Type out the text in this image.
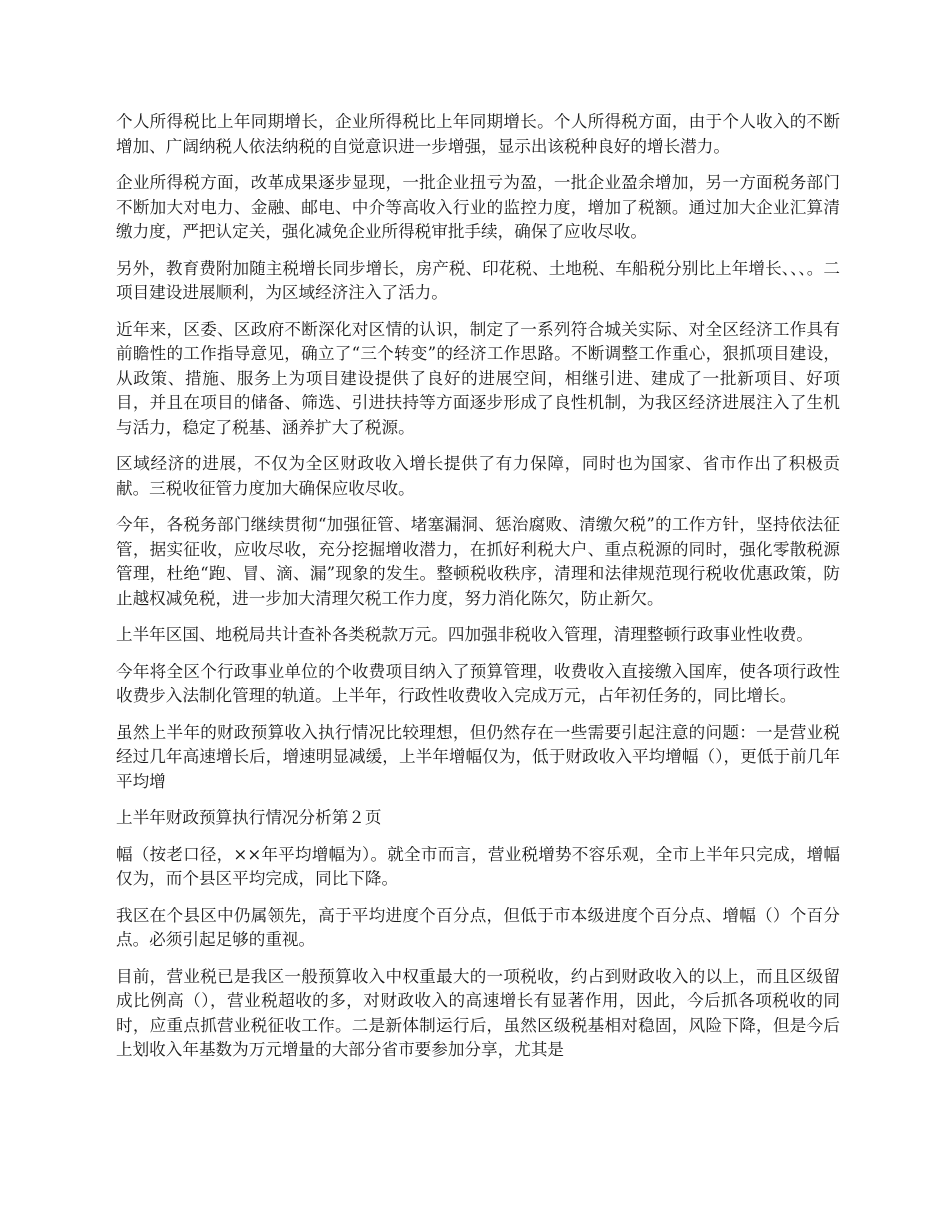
个人所得税比上年同期增长，企业所得税比上年同期增长。个人所得税方面，由于个人收入的不断增加、广阔纳税人依法纳税的自觉意识进一步增强，显示出该税种良好的增长潜力。

企业所得税方面，改革成果逐步显现，一批企业扭亏为盈，一批企业盈余增加，另一方面税务部门不断加大对电力、金融、邮电、中介等高收入行业的监控力度，增加了税额。通过加大企业汇算清缴力度，严把认定关，强化减免企业所得税审批手续，确保了应收尽收。

另外，教育费附加随主税增长同步增长，房产税、印花税、土地税、车船税分别比上年增长、、、。二项目建设进展顺利，为区域经济注入了活力。

近年来，区委、区政府不断深化对区情的认识，制定了一系列符合城关实际、对全区经济工作具有前瞻性的工作指导意见，确立了“三个转变”的经济工作思路。不断调整工作重心，狠抓项目建设，从政策、措施、服务上为项目建设提供了良好的进展空间，相继引进、建成了一批新项目、好项目，并且在项目的储备、筛选、引进扶持等方面逐步形成了良性机制，为我区经济进展注入了生机与活力，稳定了税基、涵养扩大了税源。

区域经济的进展，不仅为全区财政收入增长提供了有力保障，同时也为国家、省市作出了积极贡献。三税收征管力度加大确保应收尽收。

今年，各税务部门继续贯彻“加强征管、堵塞漏洞、惩治腐败、清缴欠税”的工作方针，坚持依法征管，据实征收，应收尽收，充分挖掘增收潜力，在抓好利税大户、重点税源的同时，强化零散税源管理，杜绝“跑、冒、滴、漏”现象的发生。整顿税收秩序，清理和法律规范现行税收优惠政策，防止越权减免税，进一步加大清理欠税工作力度，努力消化陈欠，防止新欠。

上半年区国、地税局共计查补各类税款万元。四加强非税收入管理，清理整顿行政事业性收费。

今年将全区个行政事业单位的个收费项目纳入了预算管理，收费收入直接缴入国库，使各项行政性收费步入法制化管理的轨道。上半年，行政性收费收入完成万元，占年初任务的，同比增长。

虽然上半年的财政预算收入执行情况比较理想，但仍然存在一些需要引起注意的问题：一是营业税经过几年高速增长后，增速明显减缓，上半年增幅仅为，低于财政收入平均增幅（），更低于前几年平均增

上半年财政预算执行情况分析第２页

幅（按老口径，××年平均增幅为）。就全市而言，营业税增势不容乐观，全市上半年只完成，增幅仅为，而个县区平均完成，同比下降。

我区在个县区中仍属领先，高于平均进度个百分点，但低于市本级进度个百分点、增幅（）个百分点。必须引起足够的重视。

目前，营业税已是我区一般预算收入中权重最大的一项税收，约占到财政收入的以上，而且区级留成比例高（），营业税超收的多，对财政收入的高速增长有显著作用，因此，今后抓各项税收的同时，应重点抓营业税征收工作。二是新体制运行后，虽然区级税基相对稳固，风险下降，但是今后上划收入年基数为万元增量的大部分省市要参加分享，尤其是
